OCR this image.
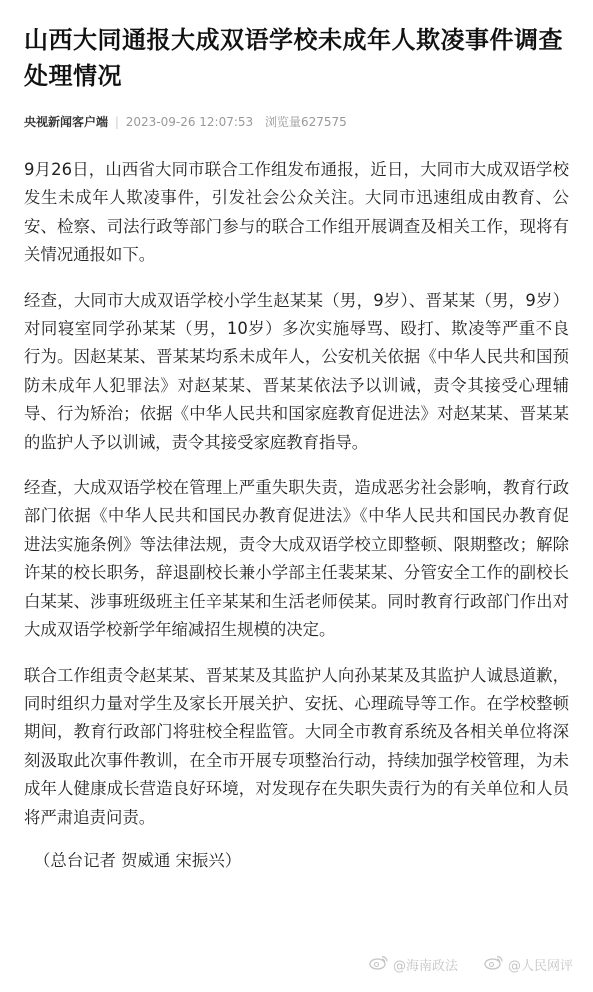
山西大同通报大成双语学校未成年人欺凌事件调查处理情况
央视新闻客户端 | 2023-09-26 12:07:53 浏览量627575

9月26日，山西省大同市联合工作组发布通报，近日，大同市大成双语学校发生未成年人欺凌事件，引发社会公众关注。大同市迅速组成由教育、公安、检察、司法行政等部门参与的联合工作组开展调查及相关工作，现将有关情况通报如下。

经查，大同市大成双语学校小学生赵某某（男，9岁）、晋某某（男，9岁）对同寝室同学孙某某（男，10岁）多次实施辱骂、殴打、欺凌等严重不良行为。因赵某某、晋某某均系未成年人，公安机关依据《中华人民共和国预防未成年人犯罪法》对赵某某、晋某某依法予以训诫，责令其接受心理辅导、行为矫治；依据《中华人民共和国家庭教育促进法》对赵某某、晋某某的监护人予以训诫，责令其接受家庭教育指导。

经查，大成双语学校在管理上严重失职失责，造成恶劣社会影响，教育行政部门依据《中华人民共和国民办教育促进法》《中华人民共和国民办教育促进法实施条例》等法律法规，责令大成双语学校立即整顿、限期整改；解除许某的校长职务，辞退副校长兼小学部主任裴某某、分管安全工作的副校长白某某、涉事班级班主任辛某某和生活老师侯某。同时教育行政部门作出对大成双语学校新学年缩减招生规模的决定。

联合工作组责令赵某某、晋某某及其监护人向孙某某及其监护人诚恳道歉，同时组织力量对学生及家长开展关护、安抚、心理疏导等工作。在学校整顿期间，教育行政部门将驻校全程监管。大同全市教育系统及各相关单位将深刻汲取此次事件教训，在全市开展专项整治行动，持续加强学校管理，为未成年人健康成长营造良好环境，对发现存在失职失责行为的有关单位和人员将严肃追责问责。

（总台记者 贺威通 宋振兴）
@海南政法	@人民网评
